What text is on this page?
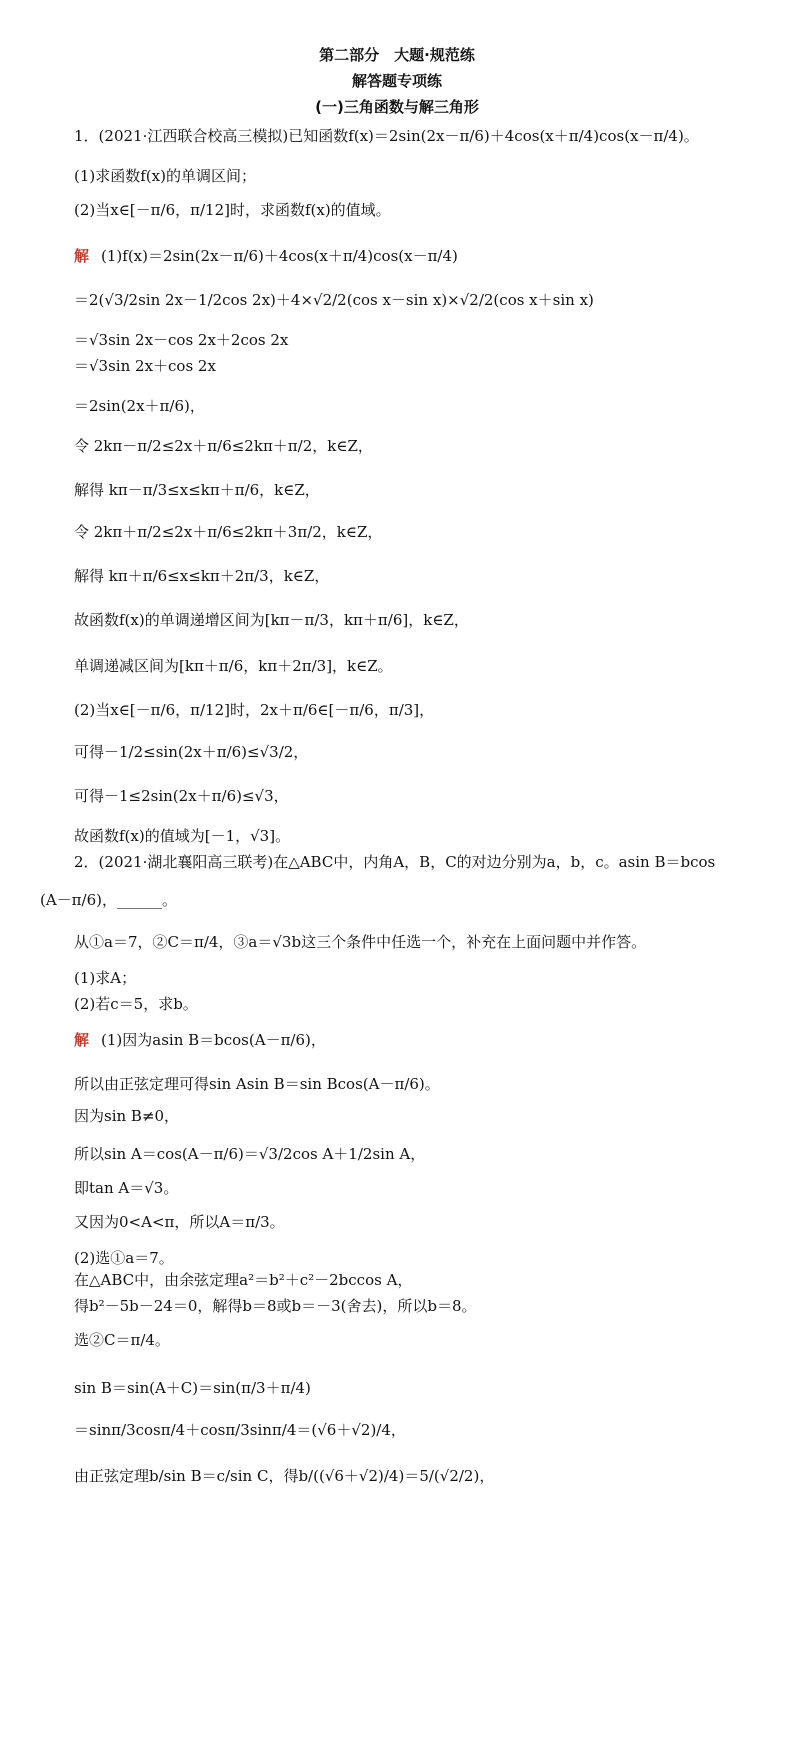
第二部分　大题·规范练

解答题专项练

(一)三角函数与解三角形

1．(2021·江西联合校高三模拟)已知函数f(x)＝2sin(2x－π/6)＋4cos(x＋π/4)cos(x－π/4)。
(1)求函数f(x)的单调区间；
(2)当x∈[－π/6，π/12]时，求函数f(x)的值域。
解 (1)f(x)＝2sin(2x－π/6)＋4cos(x＋π/4)cos(x－π/4)
＝2(√3/2sin 2x－1/2cos 2x)＋4×√2/2(cos x－sin x)×√2/2(cos x＋sin x)
＝√3sin 2x－cos 2x＋2cos 2x
＝√3sin 2x＋cos 2x
＝2sin(2x＋π/6)，
令 2kπ－π/2≤2x＋π/6≤2kπ＋π/2，k∈Z，
解得 kπ－π/3≤x≤kπ＋π/6，k∈Z，
令 2kπ＋π/2≤2x＋π/6≤2kπ＋3π/2，k∈Z，
解得 kπ＋π/6≤x≤kπ＋2π/3，k∈Z，
故函数f(x)的单调递增区间为[kπ－π/3，kπ＋π/6]，k∈Z，
单调递减区间为[kπ＋π/6，kπ＋2π/3]，k∈Z。
(2)当x∈[－π/6，π/12]时，2x＋π/6∈[－π/6，π/3]，
可得－1/2≤sin(2x＋π/6)≤√3/2，
可得－1≤2sin(2x＋π/6)≤√3，
故函数f(x)的值域为[－1，√3]。
2．(2021·湖北襄阳高三联考)在△ABC中，内角A，B，C的对边分别为a，b，c。asin B＝bcos
(A－π/6)，______。
从①a＝7，②C＝π/4，③a＝√3b这三个条件中任选一个，补充在上面问题中并作答。
(1)求A；
(2)若c＝5，求b。
解 (1)因为asin B＝bcos(A－π/6)，
所以由正弦定理可得sin Asin B＝sin Bcos(A－π/6)。
因为sin B≠0，
所以sin A＝cos(A－π/6)＝√3/2cos A＋1/2sin A，
即tan A＝√3。
又因为0<A<π，所以A＝π/3。
(2)选①a＝7。
在△ABC中，由余弦定理a²＝b²＋c²－2bccos A，
得b²－5b－24＝0，解得b＝8或b＝－3(舍去)，所以b＝8。
选②C＝π/4。
sin B＝sin(A＋C)＝sin(π/3＋π/4)
＝sinπ/3cosπ/4＋cosπ/3sinπ/4＝(√6＋√2)/4，
由正弦定理b/sin B＝c/sin C，得b/((√6＋√2)/4)＝5/(√2/2)，
